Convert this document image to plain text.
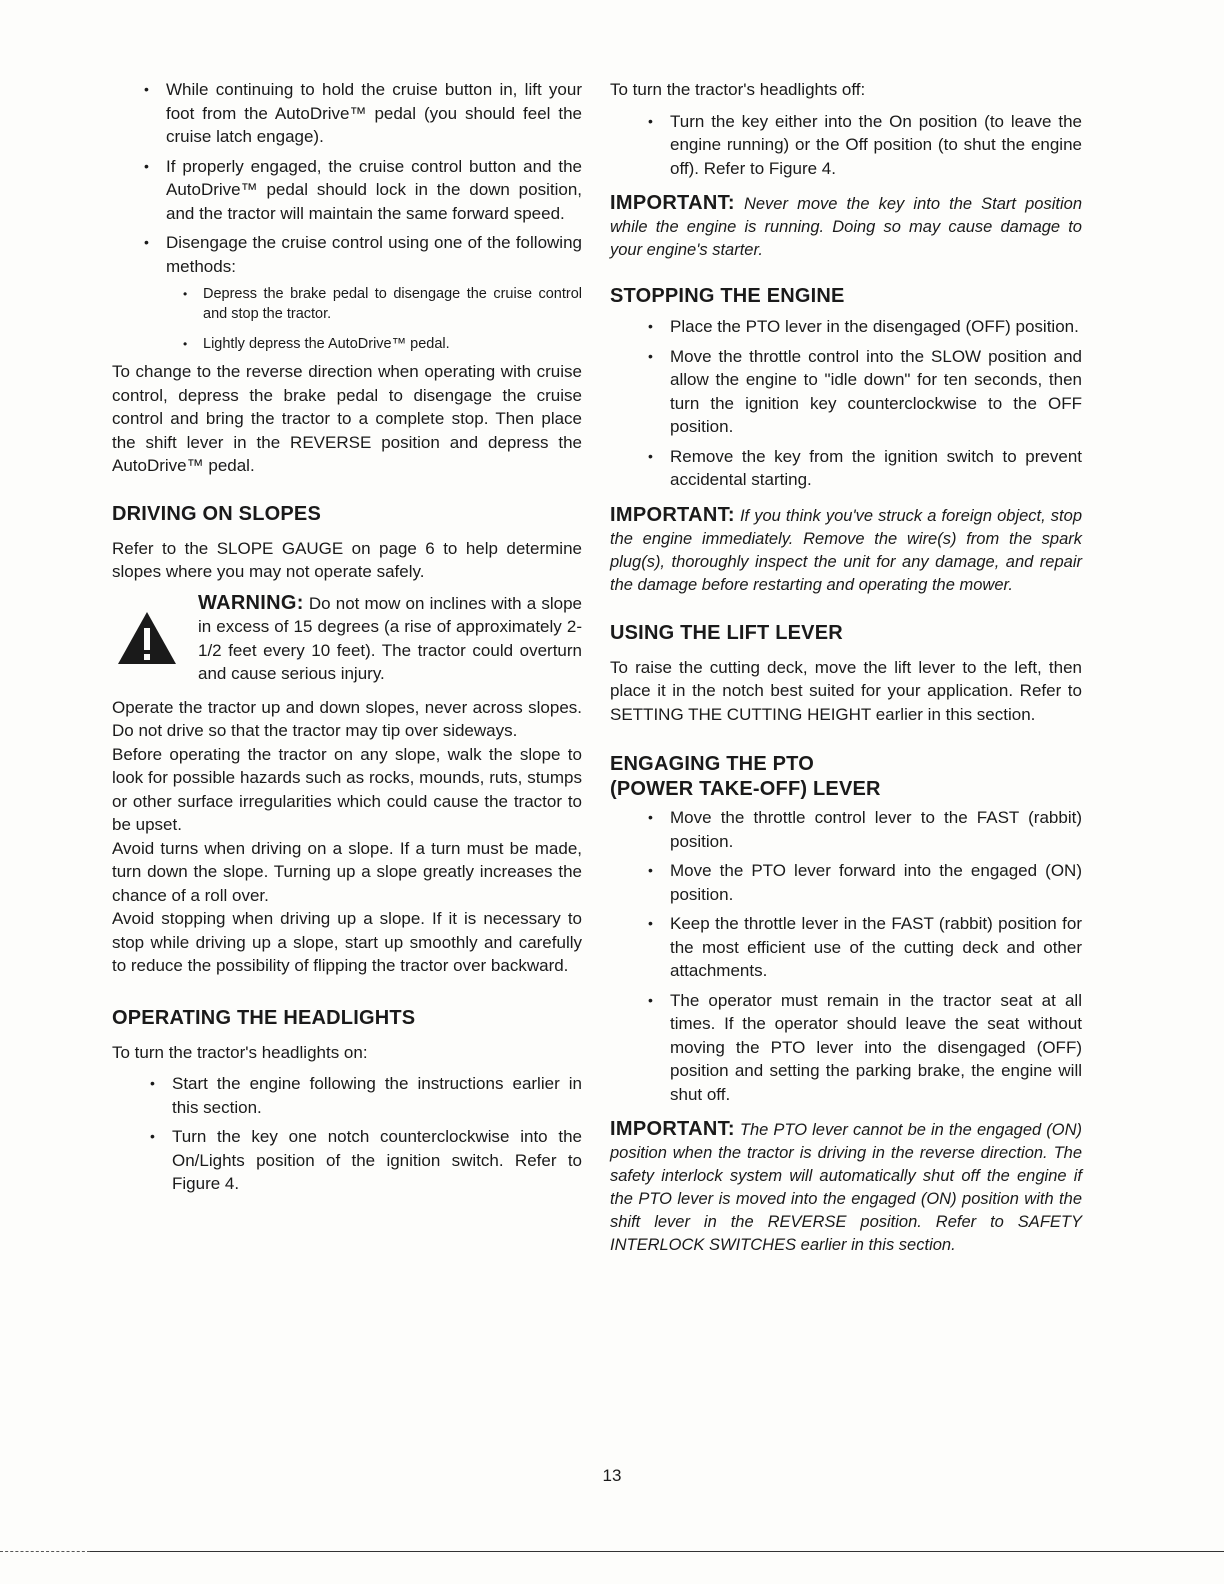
• While continuing to hold the cruise button in, lift your foot from the AutoDrive™ pedal (you should feel the cruise latch engage).
• If properly engaged, the cruise control button and the AutoDrive™ pedal should lock in the down position, and the tractor will maintain the same forward speed.
• Disengage the cruise control using one of the following methods:
• Depress the brake pedal to disengage the cruise control and stop the tractor.
• Lightly depress the AutoDrive™ pedal.

To change to the reverse direction when operating with cruise control, depress the brake pedal to disengage the cruise control and bring the tractor to a complete stop. Then place the shift lever in the REVERSE position and depress the AutoDrive™ pedal.

DRIVING ON SLOPES

Refer to the SLOPE GAUGE on page 6 to help determine slopes where you may not operate safely.

WARNING: Do not mow on inclines with a slope in excess of 15 degrees (a rise of approximately 2-1/2 feet every 10 feet). The tractor could overturn and cause serious injury.

Operate the tractor up and down slopes, never across slopes. Do not drive so that the tractor may tip over sideways.

Before operating the tractor on any slope, walk the slope to look for possible hazards such as rocks, mounds, ruts, stumps or other surface irregularities which could cause the tractor to be upset.

Avoid turns when driving on a slope. If a turn must be made, turn down the slope. Turning up a slope greatly increases the chance of a roll over.

Avoid stopping when driving up a slope. If it is necessary to stop while driving up a slope, start up smoothly and carefully to reduce the possibility of flipping the tractor over backward.

OPERATING THE HEADLIGHTS

To turn the tractor's headlights on:

• Start the engine following the instructions earlier in this section.
• Turn the key one notch counterclockwise into the On/Lights position of the ignition switch. Refer to Figure 4.

To turn the tractor's headlights off:

• Turn the key either into the On position (to leave the engine running) or the Off position (to shut the engine off). Refer to Figure 4.

IMPORTANT: Never move the key into the Start position while the engine is running. Doing so may cause damage to your engine's starter.

STOPPING THE ENGINE
• Place the PTO lever in the disengaged (OFF) position.
• Move the throttle control into the SLOW position and allow the engine to "idle down" for ten seconds, then turn the ignition key counterclockwise to the OFF position.
• Remove the key from the ignition switch to prevent accidental starting.

IMPORTANT: If you think you've struck a foreign object, stop the engine immediately. Remove the wire(s) from the spark plug(s), thoroughly inspect the unit for any damage, and repair the damage before restarting and operating the mower.

USING THE LIFT LEVER

To raise the cutting deck, move the lift lever to the left, then place it in the notch best suited for your application. Refer to SETTING THE CUTTING HEIGHT earlier in this section.

ENGAGING THE PTO
(POWER TAKE-OFF) LEVER
• Move the throttle control lever to the FAST (rabbit) position.
• Move the PTO lever forward into the engaged (ON) position.
• Keep the throttle lever in the FAST (rabbit) position for the most efficient use of the cutting deck and other attachments.
• The operator must remain in the tractor seat at all times. If the operator should leave the seat without moving the PTO lever into the disengaged (OFF) position and setting the parking brake, the engine will shut off.

IMPORTANT: The PTO lever cannot be in the engaged (ON) position when the tractor is driving in the reverse direction. The safety interlock system will automatically shut off the engine if the PTO lever is moved into the engaged (ON) position with the shift lever in the REVERSE position. Refer to SAFETY INTERLOCK SWITCHES earlier in this section.

13
